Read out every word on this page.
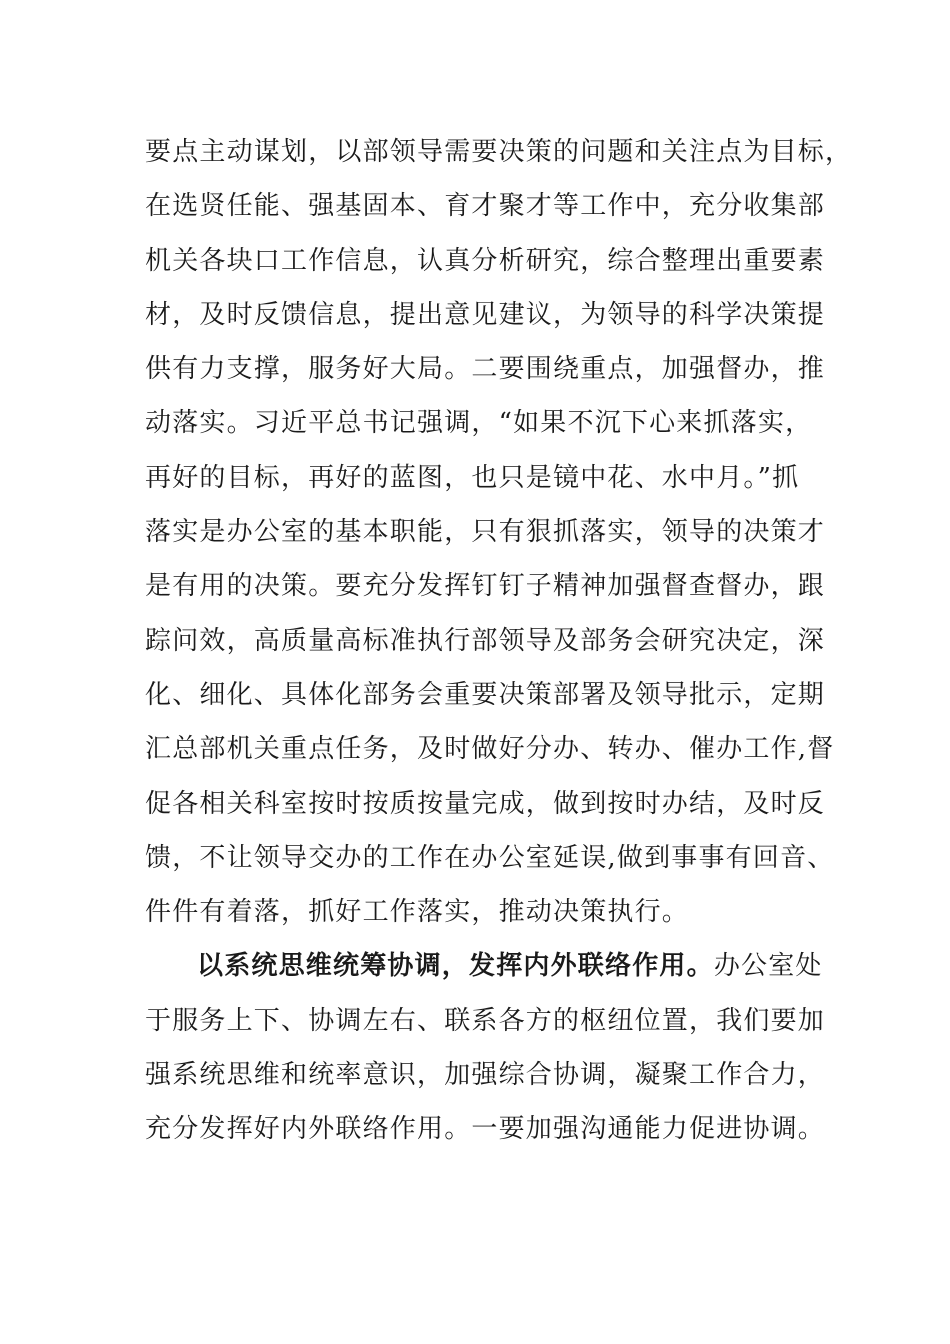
要点主动谋划，以部领导需要决策的问题和关注点为目标，
在选贤任能、强基固本、育才聚才等工作中，充分收集部
机关各块口工作信息，认真分析研究，综合整理出重要素
材，及时反馈信息，提出意见建议，为领导的科学决策提
供有力支撑，服务好大局。二要围绕重点，加强督办，推
动落实。习近平总书记强调，“如果不沉下心来抓落实，
再好的目标，再好的蓝图，也只是镜中花、水中月。”抓
落实是办公室的基本职能，只有狠抓落实，领导的决策才
是有用的决策。要充分发挥钉钉子精神加强督查督办，跟
踪问效，高质量高标准执行部领导及部务会研究决定，深
化、细化、具体化部务会重要决策部署及领导批示，定期
汇总部机关重点任务，及时做好分办、转办、催办工作,督
促各相关科室按时按质按量完成，做到按时办结，及时反
馈，不让领导交办的工作在办公室延误,做到事事有回音、
件件有着落，抓好工作落实，推动决策执行。
以系统思维统筹协调，发挥内外联络作用。办公室处
于服务上下、协调左右、联系各方的枢纽位置，我们要加
强系统思维和统率意识，加强综合协调，凝聚工作合力，
充分发挥好内外联络作用。一要加强沟通能力促进协调。
